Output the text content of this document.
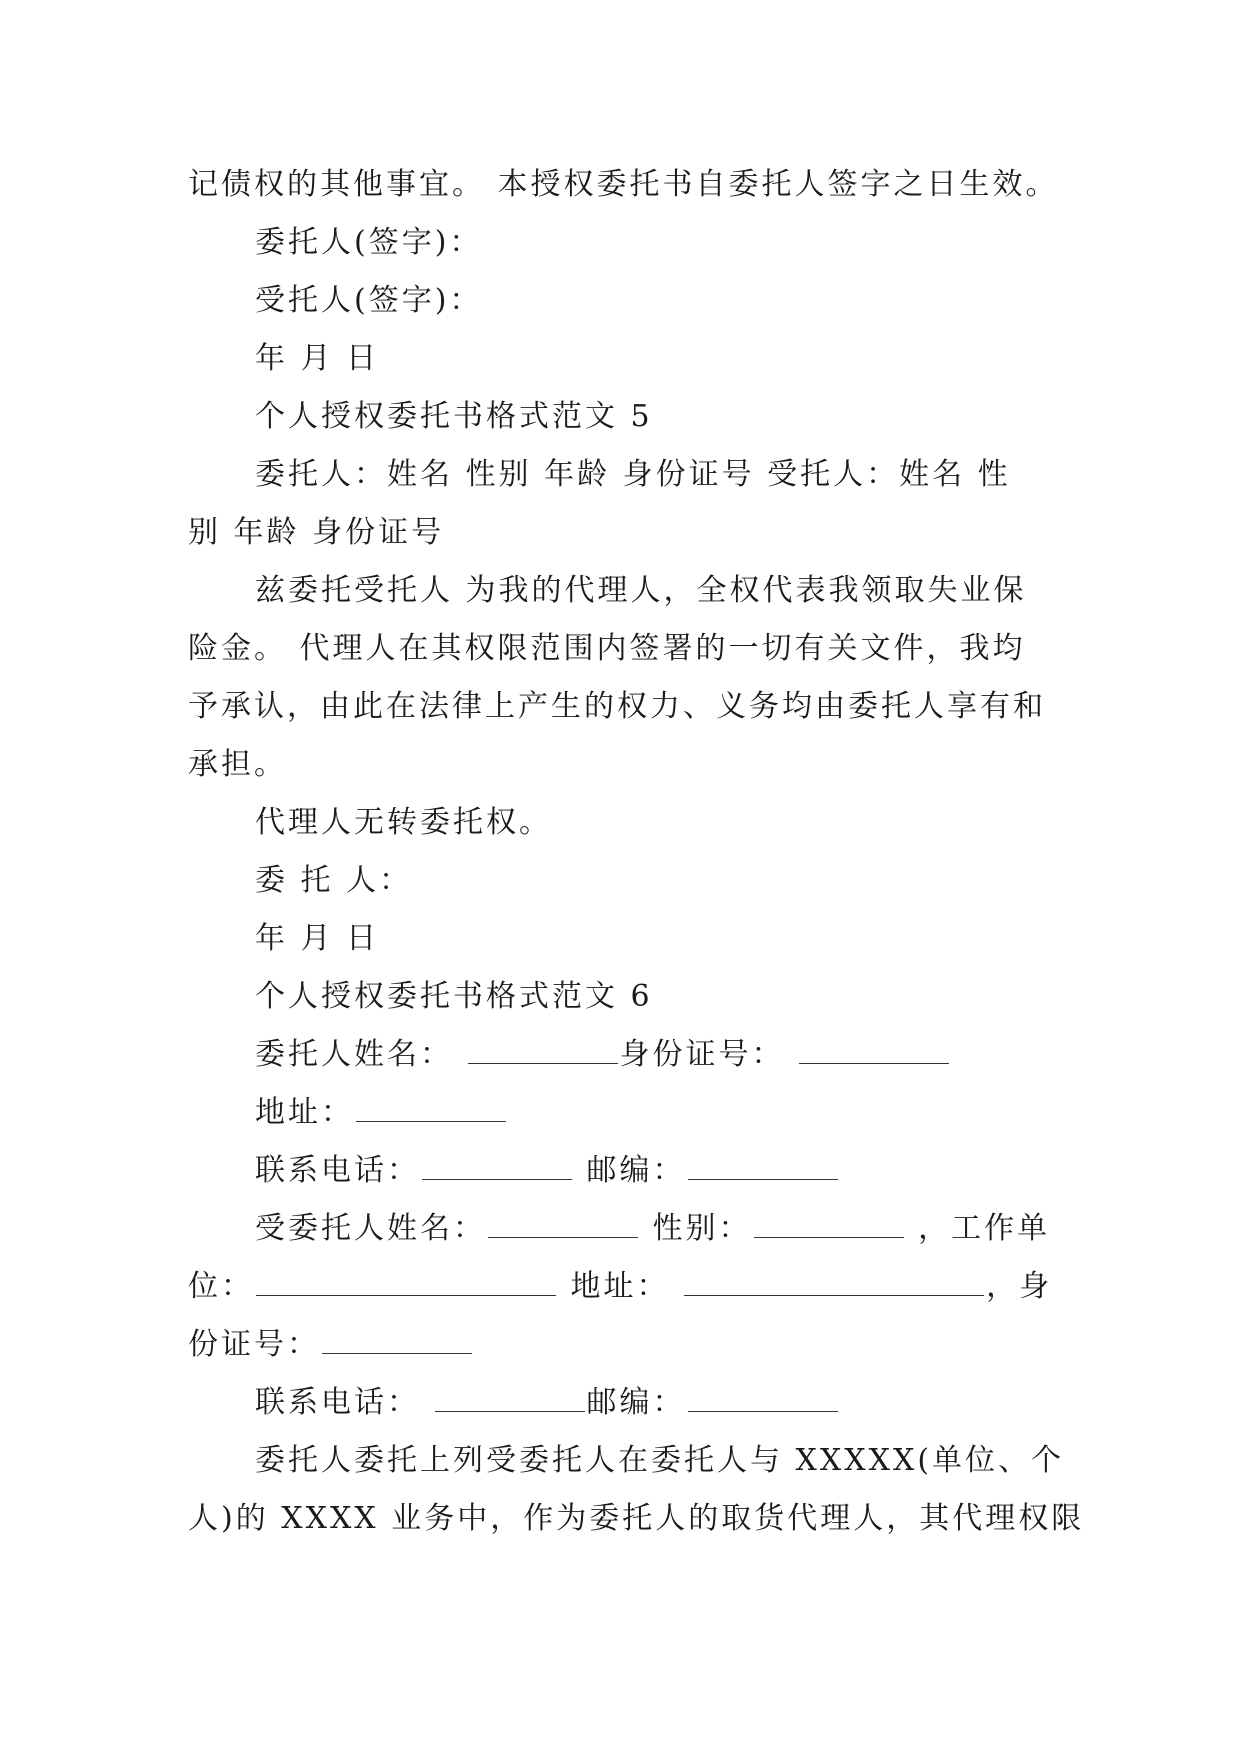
记债权的其他事宜。 本授权委托书自委托人签字之日生效。
委托人(签字)：
受托人(签字)：
年 月 日
个人授权委托书格式范文 5
委托人：姓名 性别 年龄 身份证号 受托人：姓名 性
别 年龄 身份证号
兹委托受托人 为我的代理人，全权代表我领取失业保
险金。 代理人在其权限范围内签署的一切有关文件，我均
予承认，由此在法律上产生的权力、义务均由委托人享有和
承担。
代理人无转委托权。
委 托 人：
年 月 日
个人授权委托书格式范文 6
委托人姓名：	身份证号：
地址：
联系电话：	邮编：
受委托人姓名：	性别：	，工作单
位：	地址：	，身
份证号：
联系电话：	邮编：
委托人委托上列受委托人在委托人与 XXXXX(单位、个
人)的 XXXX 业务中，作为委托人的取货代理人，其代理权限
